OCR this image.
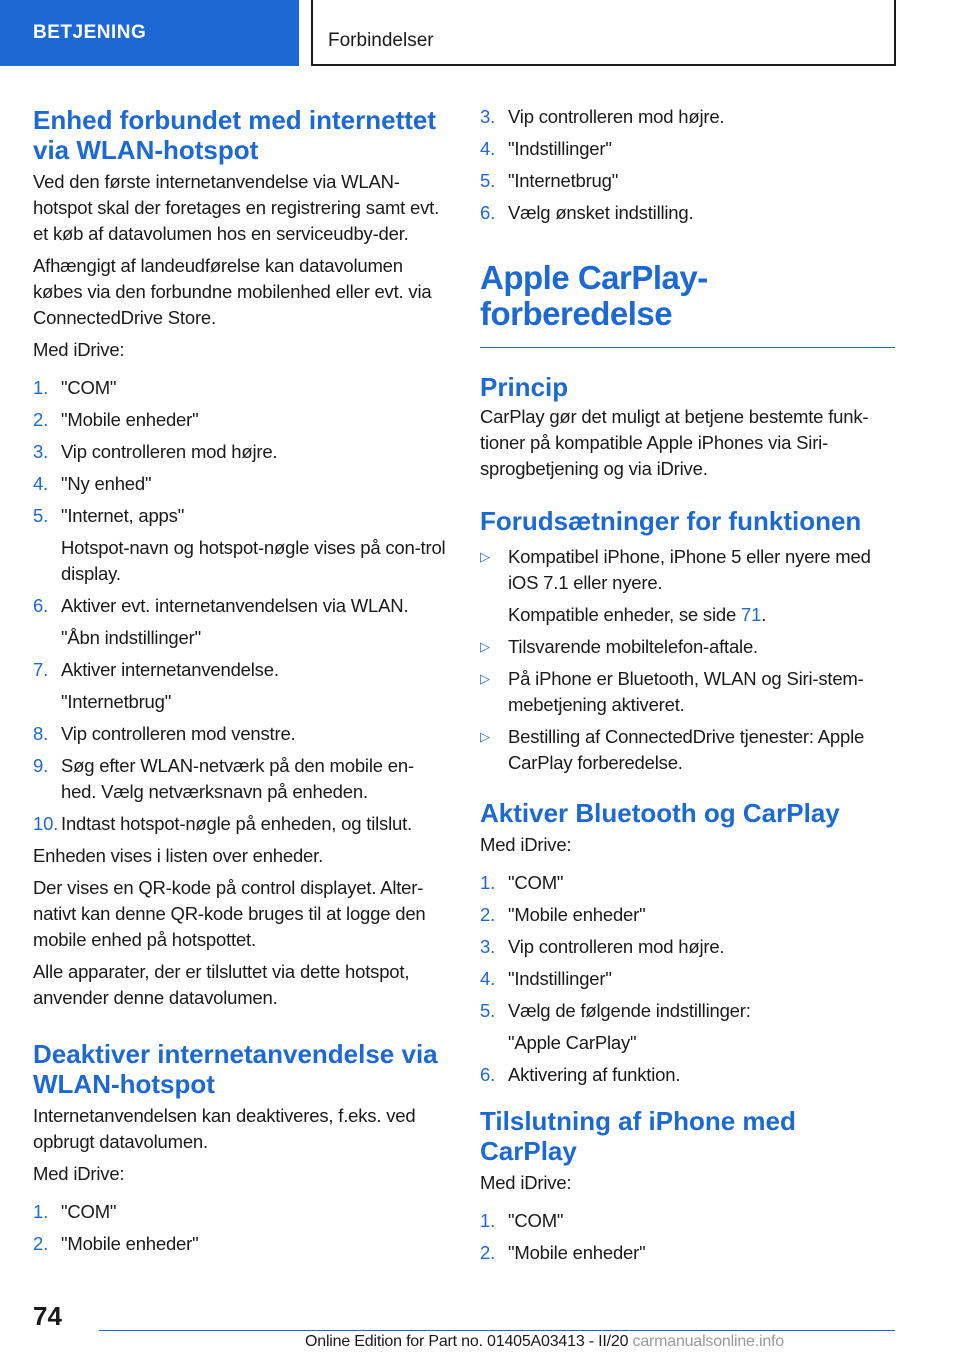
BETJENING	Forbindelser
Enhed forbundet med internettet via WLAN-hotspot

Ved den første internetanvendelse via WLAN-hotspot skal der foretages en registrering samt evt. et køb af datavolumen hos en serviceudby-der.

Afhængigt af landeudførelse kan datavolumen købes via den forbundne mobilenhed eller evt. via ConnectedDrive Store.

Med iDrive:

1. "COM"
2. "Mobile enheder"
3. Vip controlleren mod højre.
4. "Ny enhed"
5. "Internet, apps"
Hotspot-navn og hotspot-nøgle vises på con-trol display.
6. Aktiver evt. internetanvendelsen via WLAN.
"Åbn indstillinger"
7. Aktiver internetanvendelse.
"Internetbrug"
8. Vip controlleren mod venstre.
9. Søg efter WLAN-netværk på den mobile en-hed. Vælg netværksnavn på enheden.
10. Indtast hotspot-nøgle på enheden, og tilslut.

Enheden vises i listen over enheder.

Der vises en QR-kode på control displayet. Alter-nativt kan denne QR-kode bruges til at logge den mobile enhed på hotspottet.

Alle apparater, der er tilsluttet via dette hotspot, anvender denne datavolumen.

Deaktiver internetanvendelse via WLAN-hotspot

Internetanvendelsen kan deaktiveres, f.eks. ved opbrugt datavolumen.

Med iDrive:

1. "COM"
2. "Mobile enheder"
3. Vip controlleren mod højre.
4. "Indstillinger"
5. "Internetbrug"
6. Vælg ønsket indstilling.
Apple CarPlay-forberedelse
Princip

CarPlay gør det muligt at betjene bestemte funk-tioner på kompatible Apple iPhones via Siri-sprogbetjening og via iDrive.

Forudsætninger for funktionen
▷ Kompatibel iPhone, iPhone 5 eller nyere med iOS 7.1 eller nyere.
Kompatible enheder, se side 71.
▷ Tilsvarende mobiltelefon-aftale.
▷ På iPhone er Bluetooth, WLAN og Siri-stem-mebetjening aktiveret.
▷ Bestilling af ConnectedDrive tjenester: Apple CarPlay forberedelse.
Aktiver Bluetooth og CarPlay

Med iDrive:

1. "COM"
2. "Mobile enheder"
3. Vip controlleren mod højre.
4. "Indstillinger"
5. Vælg de følgende indstillinger:
"Apple CarPlay"
6. Aktivering af funktion.
Tilslutning af iPhone med CarPlay

Med iDrive:

1. "COM"
2. "Mobile enheder"
74
Online Edition for Part no. 01405A03413 - II/20 carmanualsonline.info
